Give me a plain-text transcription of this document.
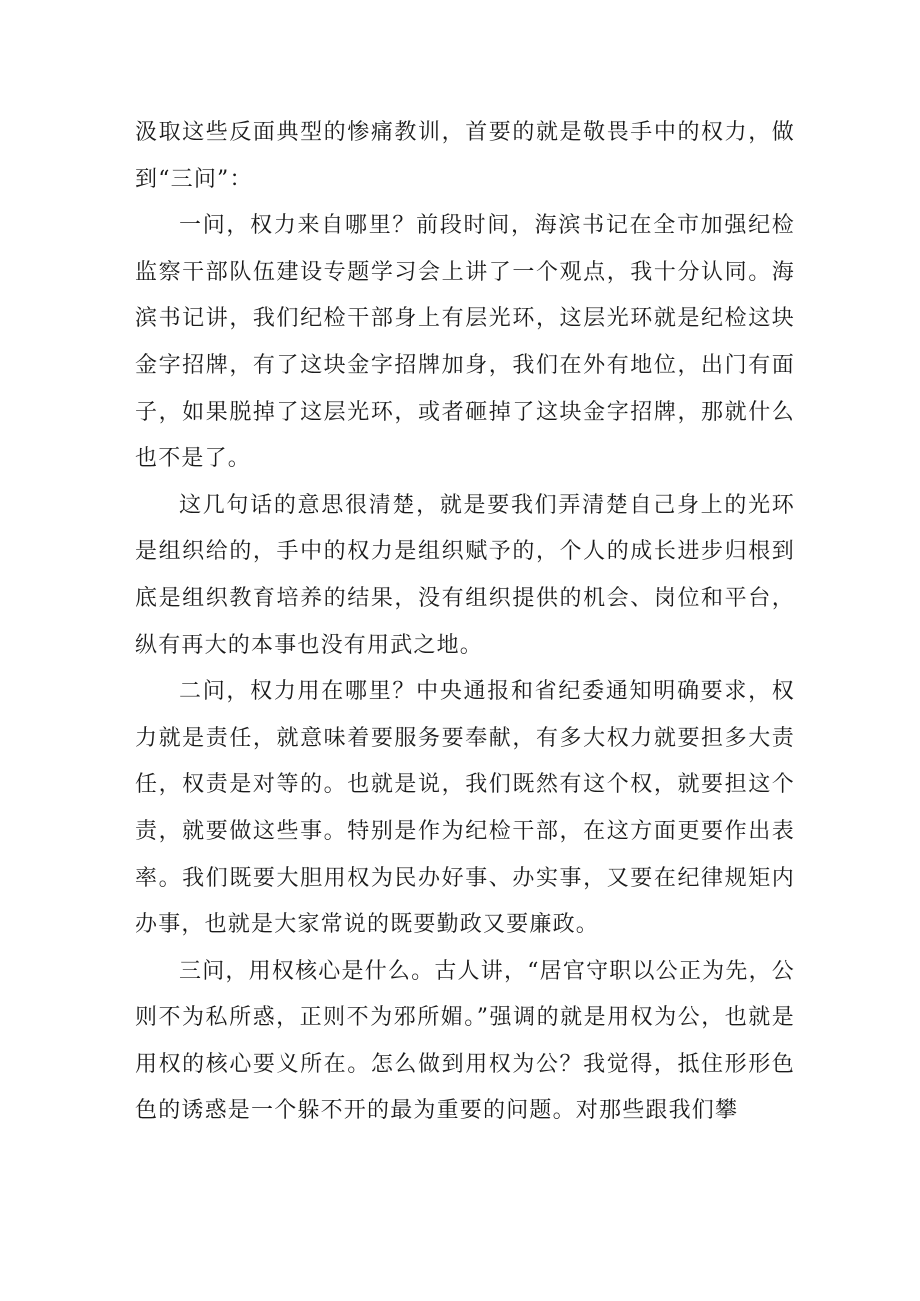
汲取这些反面典型的惨痛教训，首要的就是敬畏手中的权力，做到“三问”：

一问，权力来自哪里？前段时间，海滨书记在全市加强纪检监察干部队伍建设专题学习会上讲了一个观点，我十分认同。海滨书记讲，我们纪检干部身上有层光环，这层光环就是纪检这块金字招牌，有了这块金字招牌加身，我们在外有地位，出门有面子，如果脱掉了这层光环，或者砸掉了这块金字招牌，那就什么也不是了。

这几句话的意思很清楚，就是要我们弄清楚自己身上的光环是组织给的，手中的权力是组织赋予的，个人的成长进步归根到底是组织教育培养的结果，没有组织提供的机会、岗位和平台，纵有再大的本事也没有用武之地。

二问，权力用在哪里？中央通报和省纪委通知明确要求，权力就是责任，就意味着要服务要奉献，有多大权力就要担多大责任，权责是对等的。也就是说，我们既然有这个权，就要担这个责，就要做这些事。特别是作为纪检干部，在这方面更要作出表率。我们既要大胆用权为民办好事、办实事，又要在纪律规矩内办事，也就是大家常说的既要勤政又要廉政。

三问，用权核心是什么。古人讲，“居官守职以公正为先，公则不为私所惑，正则不为邪所媚。”强调的就是用权为公，也就是用权的核心要义所在。怎么做到用权为公？我觉得，抵住形形色色的诱惑是一个躲不开的最为重要的问题。对那些跟我们攀
